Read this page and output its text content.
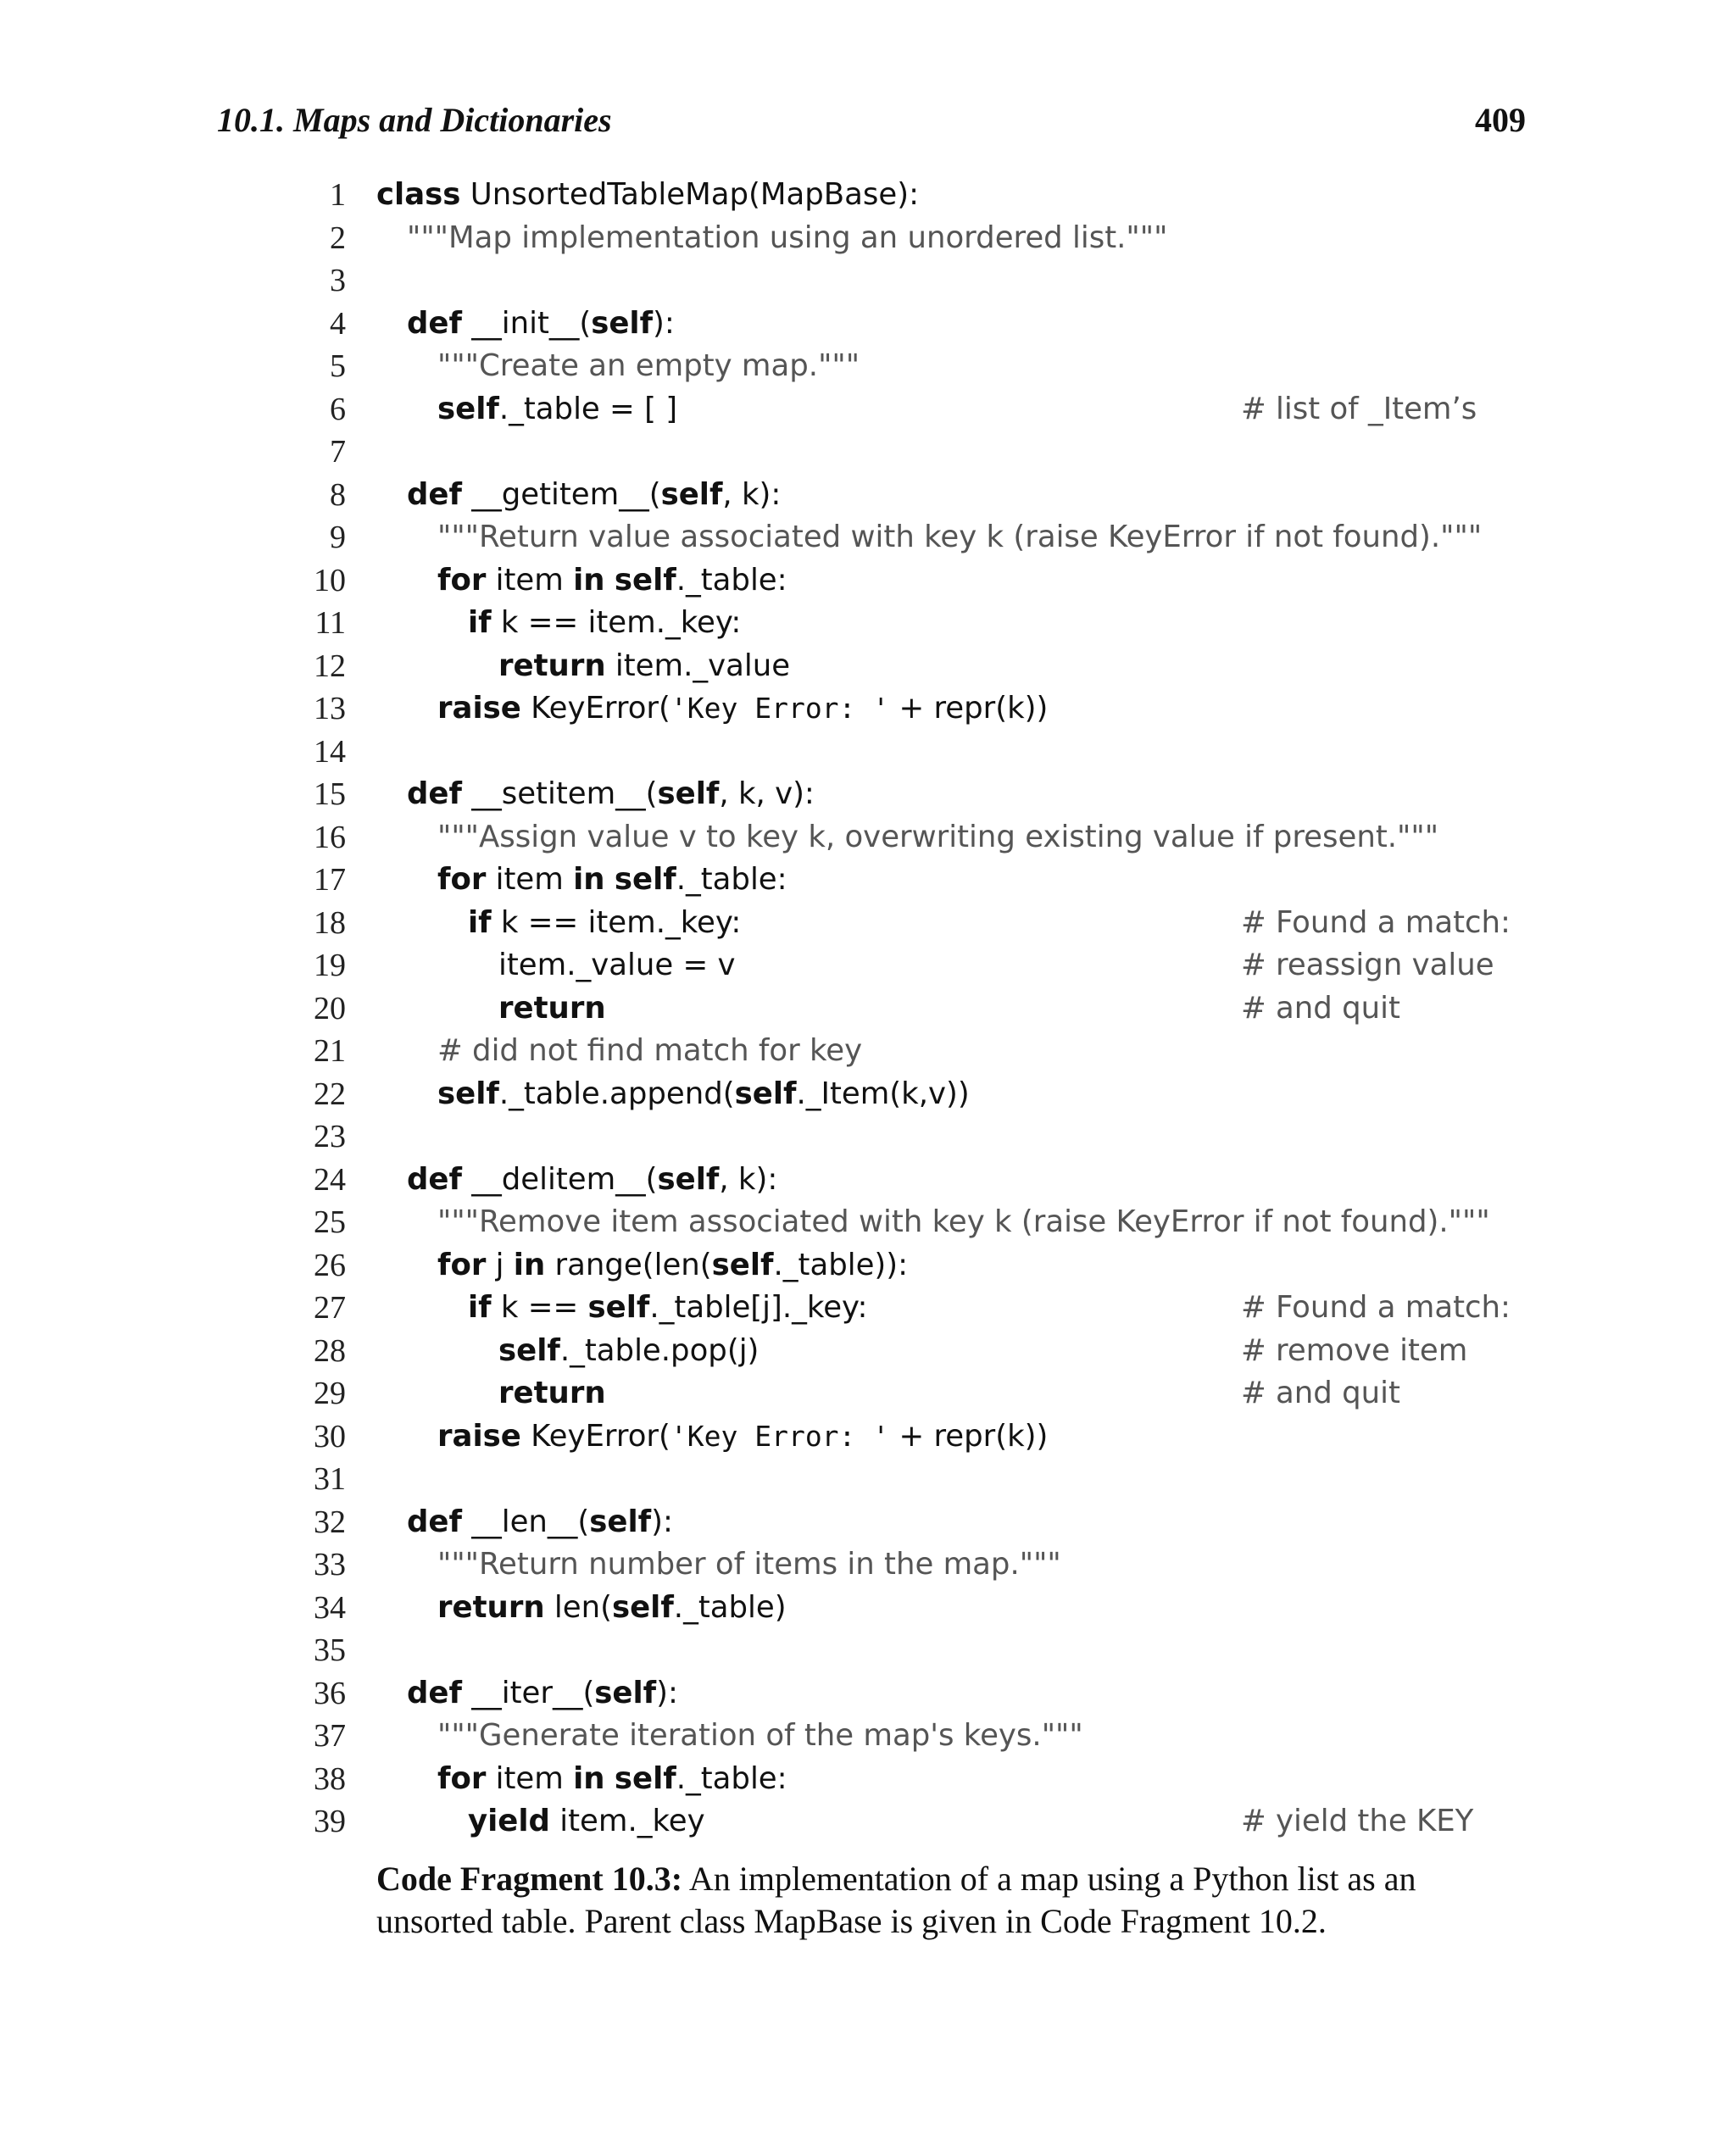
10.1. Maps and Dictionaries	409
1 class UnsortedTableMap(MapBase):
2 """Map implementation using an unordered list."""
3
4 def __init__(self):
5	"""Create an empty map."""
6	self._table = [ ]	# list of _Item’s
7
8 def __getitem__(self, k):
9	"""Return value associated with key k (raise KeyError if not found)."""
10	for item in self._table:
11	if k == item._key:
12	return item._value
13	raise KeyError('Key Error: ' + repr(k))
14
15 def __setitem__(self, k, v):
16	"""Assign value v to key k, overwriting existing value if present."""
17	for item in self._table:
18	if k == item._key:	# Found a match:
19	item._value = v	# reassign value
20	return	# and quit
21	# did not find match for key
22	self._table.append(self._Item(k,v))
23
24 def __delitem__(self, k):
25	"""Remove item associated with key k (raise KeyError if not found)."""
26	for j in range(len(self._table)):
27	if k == self._table[j]._key:	# Found a match:
28	self._table.pop(j)	# remove item
29	return	# and quit
30	raise KeyError('Key Error: ' + repr(k))
31
32 def __len__(self):
33	"""Return number of items in the map."""
34	return len(self._table)
35
36 def __iter__(self):
37	"""Generate iteration of the map's keys."""
38	for item in self._table:
39	yield item._key	# yield the KEY
Code Fragment 10.3: An implementation of a map using a Python list as an unsorted table. Parent class MapBase is given in Code Fragment 10.2.
